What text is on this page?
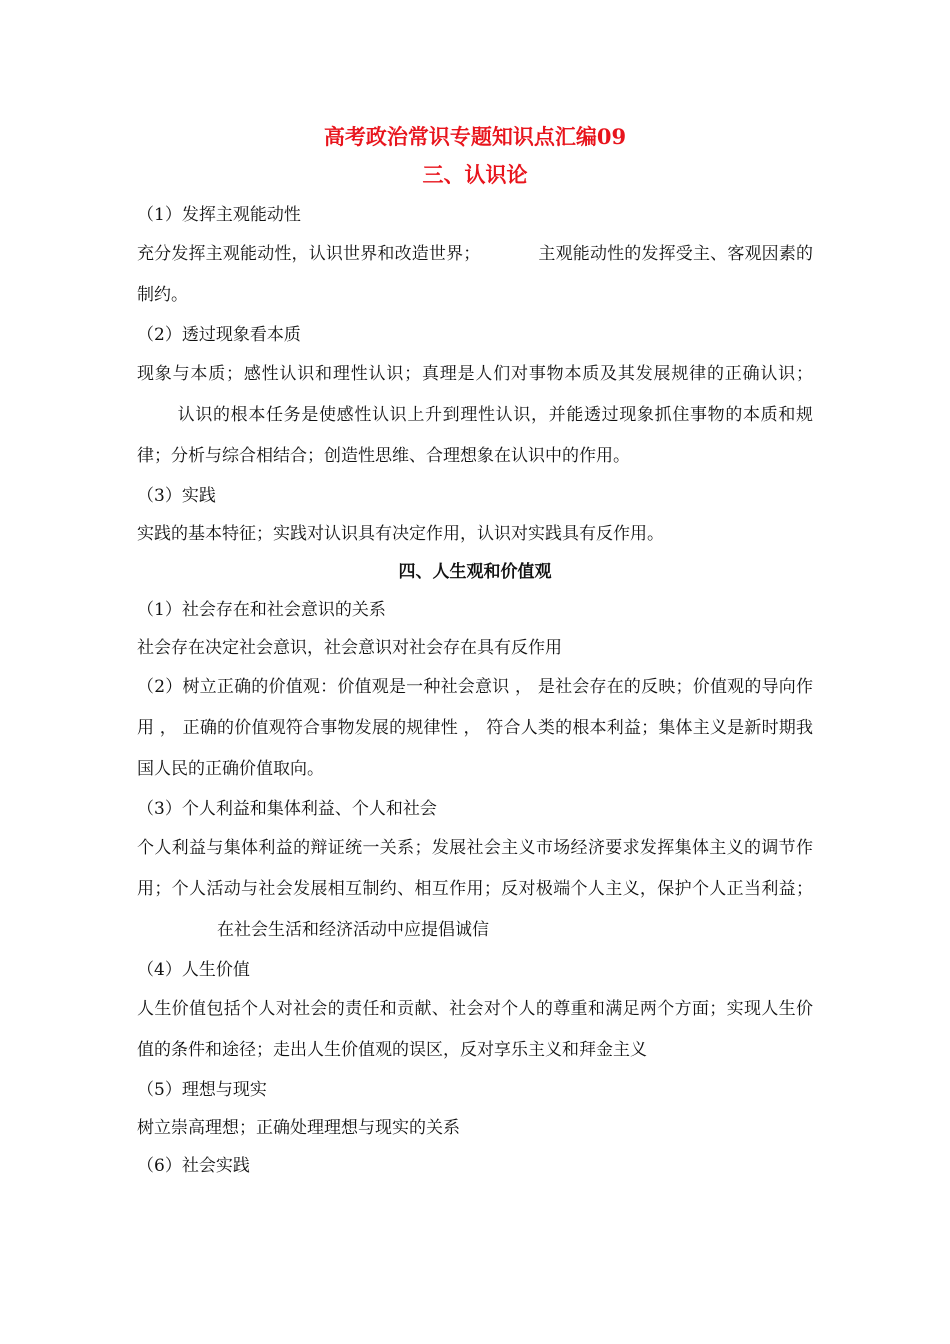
高考政治常识专题知识点汇编09
三、认识论
（1）发挥主观能动性

充分发挥主观能动性，认识世界和改造世界；	主观能动性的发挥受主、客观因素的制约。

（2）透过现象看本质

现象与本质；感性认识和理性认识；真理是人们对事物本质及其发展规律的正确认识；认识的根本任务是使感性认识上升到理性认识，并能透过现象抓住事物的本质和规律；分析与综合相结合；创造性思维、合理想象在认识中的作用。

（3）实践

实践的基本特征；实践对认识具有决定作用，认识对实践具有反作用。

四、人生观和价值观
（1）社会存在和社会意识的关系

社会存在决定社会意识，社会意识对社会存在具有反作用

（2）树立正确的价值观：价值观是一种社会意识 ， 是社会存在的反映；价值观的导向作用 ， 正确的价值观符合事物发展的规律性 ， 符合人类的根本利益；集体主义是新时期我国人民的正确价值取向。

（3）个人利益和集体利益、个人和社会

个人利益与集体利益的辩证统一关系；发展社会主义市场经济要求发挥集体主义的调节作用；个人活动与社会发展相互制约、相互作用；反对极端个人主义，保护个人正当利益；在社会生活和经济活动中应提倡诚信

（4）人生价值

人生价值包括个人对社会的责任和贡献、社会对个人的尊重和满足两个方面；实现人生价值的条件和途径；走出人生价值观的误区，反对享乐主义和拜金主义

（5）理想与现实

树立崇高理想；正确处理理想与现实的关系

（6）社会实践
